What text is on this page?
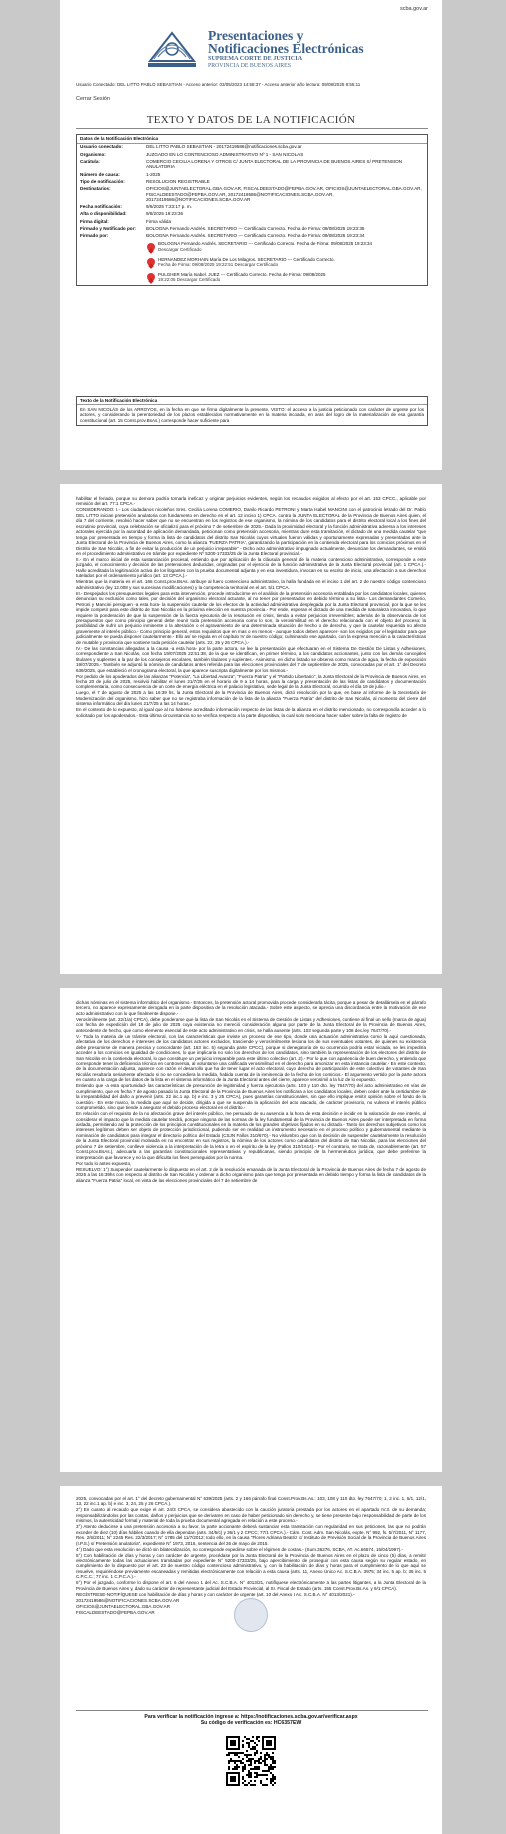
scba.gov.ar
Presentaciones y
Notificaciones Electrónicas
SUPREMA CORTE DE JUSTICIA
PROVINCIA DE BUENOS AIRES
Usuario Conectado: DEL LITTO PABLO SEBASTIAN - Acceso anterior: 03/05/2023 14:58:37 - Acceso anterior año lectura: 09/08/2025 8:55:11
Cerrar Sesión
TEXTO Y DATOS DE LA NOTIFICACIÓN
Datos de la Notificación Electrónica
Usuario conectado:	DEL LITTO PABLO SEBASTIAN - 20172419586@notificaciones.scba.gov.ar
Organismo:	JUZGADO EN LO CONTENCIOSO ADMINISTRATIVO Nº 1 - SAN NICOLAS
Carátula:	COMERCIO CECILIA LORENA Y OTROS C/ JUNTA ELECTORAL DE LA PROVINCIA DE BUENOS AIRES S/ PRETENSION ANULATORIA
Número de causa:	1-2025
Tipo de notificación:	RESOLUCION REGISTRABLE
Destinatarios:	OFICIOS@JUNTAELECTORAL.GBA.GOV.AR, FISCALDEESTADO@FEPBA.GOV.AR, OFICIOS@JUNTAELECTORAL.GBA.GOV.AR, FISCALDEESTADO@FEPBA.GOV.AR, 20172419586@NOTIFICACIONES.SCBA.GOV.AR, 20172419586@NOTIFICACIONES.SCBA.GOV.AR
Fecha notificación:	9/8/2025 7:23:17 p. m.
Alta o disponibilidad:	9/8/2025 19:23:36
Firma digital:	Firma válida
Firmado y Notificado por:	BOLOGNA Fernando Andrés. SECRETARIO --- Certificado Correcto. Fecha de Firma: 09/08/2025 19:23:35
Firmado por:	BOLOGNA Fernando Andrés. SECRETARIO --- Certificado Correcto. Fecha de Firma: 09/08/2025 19:23:34
BOLOGNA Fernando Andrés. SECRETARIO --- Certificado Correcto. Fecha de Firma: 09/08/2025 19:23:34
Descargar Certificado
HERNANDEZ MORHAIN María De Los Milagros. SECRETARIO --- Certificado Correcto.
Fecha de Firma: 09/08/2025 19:22:51 Descargar Certificado
PULGHER María Isabel. JUEZ --- Certificado Correcto. Fecha de Firma: 09/08/2025
19:22:05 Descargar Certificado
Texto de la Notificación Electrónica
En SAN NICOLÁS de los ARROYOS, en la fecha en que se firma digitalmente la presente, VISTO: el acceso a la justicia peticionado con carácter de urgente por los actores, y considerando la perentoriedad de los plazos establecidos normativamente en la materia incoada, en aras del logro de la materialización de esa garantía constitucional (art. 15 Const.prov.BsAs.) corresponde hacer suficiente para

habilitar el feriado, porque su demora podría tornarla ineficaz y originar perjuicios evidentes, según los recaudos exigidos al efecto por el art. 153 CPCC., aplicable por remisión del art. 77:1 CPCA.-

CONSIDERANDO: I.- Los ciudadanos nicoleños Sres. Cecilia Lorena COMERIO, Danilo Ricardo PETRONI y Marta Isabel MANCINI con el patrocinio letrado del Dr. Pablo DEL LITTO inician pretensión anulatoria con fundamento en derecho en el art. 12 inciso 1) CPCA. contra la JUNTA ELECTORAL de la Provincia de Buenos Aires quien, el día 7 del corriente, resolvió hacer saber que no se encuentran en los registros de ese organismo, la nómina de los candidatos para el distrito electoral local a los fines del escrutinio provincial, cuya celebración se oficializó para el próximo 7 de setiembre de 2025.- Dada la proximidad electoral y la función administrativa adversa a los intereses actorales ejercida por la autoridad de aplicación demandada, peticionan como pretensión accesoria, mientras dure esta tramitación, el dictado de una medida cautelar "que tenga por presentada en tiempo y forma la lista de candidatos del distrito San Nicolás cuyos virtuales fueron válidas y oportunamente expresadas y presentadas ante la Junta Electoral de la Provincia de Buenos Aires, como la alianza 'FUERZA PATRIA', garantizando la participación en la contienda electoral para los comicios próximos en el Distrito de San Nicolás, a fin de evitar la producción de un perjuicio irreparable" - Dicho acto administrativo impugnado actualmente, denuncian los demandantes, se emitió en el procedimiento administrativo en trámite por expediente Nº 5200-17333/25 de la Junta Electoral provincial.-

II.- En el marco inicial de esta sustanciación procesal, entiendo que por aplicación de la cláusula general de la materia contencioso administrativa, corresponde a este juzgado, el conocimiento y decisión de las pretensiones deducidas, originadas por el ejercicio de la función administrativa de la Junta Electoral provincial (art. 1 CPCA.).- Hallo acreditada la legitimación activa de los litigantes con la prueba documental adjunta y en esa investidura, invocan en su escrito de inicio, una afectación a sus derechos tutelados por el ordenamiento jurídico (art. 13 CPCA.).-

Mientras que la materia es el art. 166 Const.prov.BsAs. atribuye al fuero contencioso administrativo, la halla fundada en el inciso 1 del art. 2 de nuestro código contencioso administrativo (ley 12.008 y sus sucesivas modificaciones) y la competencia territorial en el art. 5/1 CPCA.

III.- Despejados los presupuestos legales para esta intervención, procede introducirme en el análisis de la pretensión accesoria entablada por los candidatos locales, quienes denuncian su exclusión como tales, por decisión del organismo electoral actuante, al no tener por presentados en debido término a su lista.- Los demandantes Comerio, Petroni y Mancini persiguen -a esta hora- la suspensión cautelar de los efectos de la actividad administrativa desplegada por la Junta Electoral provincial, por la que se les impide competir para este distrito de San Nicolás en la próxima elección en nuestra provincia.- Por ende, esperan el dictado de una medida de naturaleza innovativa, lo que requiere la ponderación de que la suspensión de la fuerza ejecutoria de la resolución en crisis, tienda a evitar perjuicios irreversibles; además de la observancia de los presupuestos que como principio general debe reunir toda pretensión accesoria como lo son, la verosimilitud en el derecho relacionada con el objeto del proceso; la posibilidad de sufrir un perjuicio inminente o la alteración o el agravamiento de una determinada situación de hecho o de derecho, y que la cautelar requerida no afecte gravemente al interés público.- Como principio general, estos requisitos que en mas o en menos - aunque todos deben aparecer- son los exigidos por el legislador para que judicialmente se pueda disponer cautelarmente.- Ello así se regula en el capítulo IV de nuestro código; culminando ese apartado, con la expresa mención a la características de mutable y provisoria que sostiene toda petición cautelar (arts. 22, 25 y 26 CPCA.).-

IV.- De las constancias allegadas a la causa -a esta hora- por la parte actora, se lee la presentación que efectuaran en el Sistema De Gestión De Listas y Adhesiones, correspondiente a San Nicolás, con fecha 19/07/2025 22:51:38, de la que se identifican, en primer término, a los candidatos accionantes, junto con los demás concejales titulares y suplentes a la par de los consejeros escolares, también titulares y suplentes.- Asimismo, en dicho listado se observa como marca de agua, la fecha de exposición 19/07/2025.- También se adjuntó la nómina de candidatos antes referida para las elecciones provinciales del 7 de septiembre de 2025, convocadas por el art. 1° del Decreto 639/2025, que estableció el cronograma electoral, la que aparece suscripta digitalmente por los mismos.-

Por pedido de los apoderados de las alianzas "Potencia", "La Libertad Avanza", "Fuerza Patria" y el "Partido Libertario", la Junta Electoral de la Provincia de Buenos Aires, en fecha 20 de julio de 2025, resolvió habilitar el lunes 21/7/25 en el horario de 9 a 14 horas, para la carga y presentación de las listas de candidatos y documentación complementaria, como consecuencia de un corte de energía eléctrica en el palacio legislativo, sede legal de la Junta Electoral, ocurrido el día 19 de julio.-

Luego, el 7 de agosto de 2025 a las 16:39 hs, la Junta Electoral de la Provincia de Buenos Aires, dictó resolución por la que, en base al informe de la Secretaría de Modernización del organismo, hizo saber que no se registraba información de la lista de la alianza "Fuerza Patria" del distrito de San Nicolás, al momento del cierre del sistema informático del día lunes 21/7/25 a las 14 horas.-

En el contexto de lo expuesto, al igual que al no haberse acreditado información respecto de las listas de la alianza en el distrito mencionado, no correspondía acceder a lo solicitado por los apoderados.- Esta última circunstancia no se verifica respecto a la parte dispositiva, la cual solo menciona hacer saber sobre la falta de registro de

dichas nóminas en el sistema informático del organismo.- Entonces, la pretensión actoral promovida procede considerarla tácita, porque a pesar de detallársela en el párrafo tercero, no aparece expresamente derogada en la parte dispositiva de la resolución atacada.- Sobre este aspecto, se aprecia una discordancia entre la motivación de ese acto administrativo con lo que finalmente dispone.-

Verosímilmente (art. 22/1/a) CPCA), debe ponderarse que la lista de San Nicolás en el Sistema de Gestión de Listas y Adhesiones, contiene al final un sello (marca de agua) con fecha de expedición del 19 de julio de 2025 cuya existencia no mereció consideración alguna por parte de la Junta Electoral de la Provincia de Buenos Aires, antecedente de hecho, que como elemento esencial de este acto administrativo en crisis, se halla ausente (arts. 103 segunda parte y 108 dec.ley 7647/70).-

V.- Toda la materia de un trámite electoral, con las características que inviste un proceso de ese tipo, donde una actuación administrativa como la aquí cuestionada, afectativa de los derechos e intereses de los candidatos actores excluidos, trasciende y verosímilmente lesiona los de sus eventuales votantes, de quienes su existencia debe presumirse de manera precisa y concordante (art. 163 inc. 5) segunda parte CPCC), porque si denegatoria de su ocurrencia podría estar viciada, se les impediría acceder a los comicios en igualdad de condiciones, lo que implicaría no solo los derechos de los candidatos, sino también la representación de los electores del distrito de San Nicolás en la contienda electoral, lo que constituye un perjuicio irreparable para este último colectivo (art. 2).- Por lo que con apariencia de buen derecho, y entiendo que corresponde tener la deficiencia técnica en controversia, al voluntarse una calificada verosimilitud en el derecho para amonizar en esta instancia cautelar.- En este contexto, de la documentación adjunta, aparece con razón el desarrollo que ha de tener lugar el acto electoral, cuyo derecho de participación de este colectivo de votantes de San Nicolás resultaría seriamente afectado si no se concediera la medida, habida cuenta de la inminencia de la fecha de los comicios.- El argumento vertido por la parte actora en cuanto a la carga de los datos de la lista en el sistema informático de la Junta Electoral antes del cierre, aparece verosímil a la luz de lo expuesto.

Entiendo que -a esta oportunidad- las características de presunción de legitimidad y fuerza ejecutoria (arts. 103 y 110 dto. ley 7647/70) del acto administrativo en vías de cumplimiento, que en fecha 7 de agosto pasado la Junta Electoral de la Provincia de Buenos Aires les notificara a los candidatos locales, deben ceder ante la certidumbre de la irreparabilidad del daño a prevenir (arts. 22 inc.1 ap. b) e inc. 3 y 25 CPCA), pues garantías constitucionales, sin que ello implique emitir opinión sobre el fondo de la cuestión.- En este marco, la medida que aquí se decide, dirigida a que se suspenda la aplicación del acto atacado, de carácter provisorio, no vulnera el interés público comprometido, sino que tiende a asegurar el debido proceso electoral en el distrito.-

En relación con el requisito de la no afectación grave del interés público, me persuado de su ausencia a la hora de esta decisión e incidir en la valoración de ese interés, al considerar el impacto que la medida cautelar tendrá, porque ninguna de las normas de la ley fundamental de la Provincia de Buenos Aires puede ser interpretada en forma aislada, permitiendo así la protección de los principios constitucionales en la materia de los grandes objetivos fijados en su dictado.- Tanto los derechos subjetivos como los intereses legítimos deben ser objeto de protección jurisdiccional, pudiendo ser en realidad un instrumento necesario en el proceso político y gubernamental mediante la nominación de candidatos para integrar el directorio político del Estado (CSJN Fallos 310/670).- No vislumbro que con la decisión de suspender cautelarmente la resolución de la Junta Electoral provincial motivada en no encontrar en sus registros, la nómina de los actores como candidatos del distrito de San Nicolás, para las elecciones del próximo 7 de setiembre, conlleve violencia a la interpretación de la letra o en el espíritu de la ley (Fallos 310/1614).- Por el contrario, se trata de, razonablemente (art. 57 Const.prov.BsAs.), adecuarla a las garantías constitucionales representativas y republicanas, siendo principio de la hermenéutica jurídica, que debe preferirse la interpretación que favorece y no la que dificulta los fines perseguidos por la norma.

Por todo lo antes expuesto,

RESUELVO: 1°) Suspender cautelarmente lo dispuesto en el art. 2 de la resolución emanada de la Junta Electoral de la Provincia de Buenos Aires de fecha 7 de agosto de 2025 a las 16:39hs con respecto al distrito de San Nicolás y ordenar a dicho organismo para que tenga por presentada en debido tiempo y forma la lista de candidatos de la alianza "Fuerza Patria" local, en vista de las elecciones provinciales del 7 de setiembre de

2025, convocadas por el art. 1° del decreto gubernamental N° 639/2025 (arts. 2 y 166 párrafo final Const.Prov.Bs.As.; 103, 108 y 110 dto. ley 7647/70; 1, 2 inc. 1, 5/1, 12/1, 13, 22 inc.1 ap. b) e inc. 3, 24, 25 y 26 CPCA.).

2°) En cuanto al recaudo que exige el art. 24/3 CPCA, se considera abastecido con la caución juratoria prestada por los actores en el apartado IV.3. de su demanda; responsabilizándolos por las costas, daños y perjuicios que se derivaren en caso de haber peticionado sin derecho y, se tiene presente bajo responsabilidad de parte de los mismos, la autenticidad formal y material de toda la prueba documental agregada en relación a este proceso.-

3°) Atento deducirse a una pretensión accesoria a su favor, la parte accionante deberá sustanciar esta tramitación con regularidad en sus peticiones, las que no podrán exceder de diez (10) días hábiles cuando de ella dependan (arts. 34/5/c) y 36/1 y 2 CPCC; 77/1 CPCA.).- Cám. Cont. Adm. San Nicolás, expte. N° 992, fs. 5/7/2011, N° 1177, Res. 2/6/2011; N° 2245 Res. 22/3/2017; N° 1785 del 11/7/2012; todo ello, en la causa "Flores Adriana Beatriz c/ Instituto de Previsión Social de la Provincia de Buenos Aires (I.P.S.) s/ Pretensión anulatoria", expediente N° 1973, 2015, sentencia del 26 de mayo de 2015.

4°) Dado que esta resolución se dictó sin bilateralización, no corresponde expedirse sobre el régimen de costas.- (Sum.36276, SCBA, AT. Ac.66574, 15/04/1997).-

5°) Con habilitación de días y horas y con carácter de urgente, procédase por la Junta Electoral de la Provincia de Buenos Aires en el plazo de cinco (5) días, a remitir electrónicamente todas las actuaciones tramitadas por expediente N° 5200-17333/25, bajo apercibimiento de proseguir con esta causa según su regular estado, en cumplimiento de lo dispuesto por el art. 23 de nuestro código contencioso administrativo, y, con la habilitación de días y horas para el cumplimiento de lo que aquí se resuelve, requiriéndose previamente escaneadas y remitidas electrónicamente con relación a esta causa (arts. 11, Anexo Único Ac. S.C.B.A. 3975; 34 inc. 5 ap. b; 36 inc. 5 C.P.C.C.; 77 inc. 1 C.P.C.A.).-

6°) Por el juzgado, conforme lo dispone el art. 6 del Anexo 1 del Ac. S.C.B.A. N° 4013/21, notifíquese electrónicamente a las partes litigantes, a la Junta Electoral de la Provincia de Buenos Aires y, dado su carácter de representante judicial del Estado Provincial, al Sr. Fiscal de Estado (arts. 155 Const.Prov.Bs.As. y 9/1 CPCA).

REGÍSTRESE-NOTIFÍQUESE con habilitación de días y horas y con carácter de urgente (art. 10 del Anexo I Ac. S.C.B.A. N° 4013/2021).-

20172419586@NOTIFICACIONES.SCBA.GOV.AR

OFICIOS@JUNTAELECTORAL.GBA.GOV.AR

FISCALDEESTADO@FEPBA.GOV.AR

Para verificar la notificación ingrese a: https://notificaciones.scba.gov.ar/verificar.aspx
Su código de verificación es: HC6357EW
